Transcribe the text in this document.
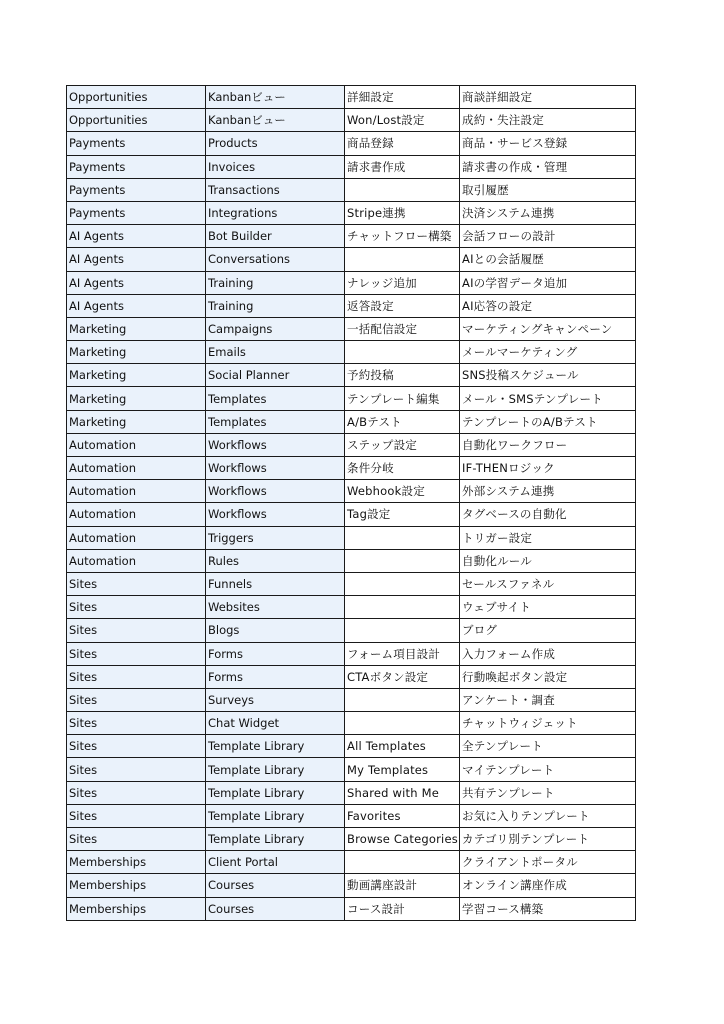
Opportunities	Kanbanビュー	詳細設定	商談詳細設定
Opportunities	Kanbanビュー	Won/Lost設定	成約・失注設定
Payments	Products	商品登録	商品・サービス登録
Payments	Invoices	請求書作成	請求書の作成・管理
Payments	Transactions		取引履歴
Payments	Integrations	Stripe連携	決済システム連携
AI Agents	Bot Builder	チャットフロー構築	会話フローの設計
AI Agents	Conversations		AIとの会話履歴
AI Agents	Training	ナレッジ追加	AIの学習データ追加
AI Agents	Training	返答設定	AI応答の設定
Marketing	Campaigns	一括配信設定	マーケティングキャンペーン
Marketing	Emails		メールマーケティング
Marketing	Social Planner	予約投稿	SNS投稿スケジュール
Marketing	Templates	テンプレート編集	メール・SMSテンプレート
Marketing	Templates	A/Bテスト	テンプレートのA/Bテスト
Automation	Workflows	ステップ設定	自動化ワークフロー
Automation	Workflows	条件分岐	IF-THENロジック
Automation	Workflows	Webhook設定	外部システム連携
Automation	Workflows	Tag設定	タグベースの自動化
Automation	Triggers		トリガー設定
Automation	Rules		自動化ルール
Sites	Funnels		セールスファネル
Sites	Websites		ウェブサイト
Sites	Blogs		ブログ
Sites	Forms	フォーム項目設計	入力フォーム作成
Sites	Forms	CTAボタン設定	行動喚起ボタン設定
Sites	Surveys		アンケート・調査
Sites	Chat Widget		チャットウィジェット
Sites	Template Library	All Templates	全テンプレート
Sites	Template Library	My Templates	マイテンプレート
Sites	Template Library	Shared with Me	共有テンプレート
Sites	Template Library	Favorites	お気に入りテンプレート
Sites	Template Library	Browse Categories	カテゴリ別テンプレート
Memberships	Client Portal		クライアントポータル
Memberships	Courses	動画講座設計	オンライン講座作成
Memberships	Courses	コース設計	学習コース構築
